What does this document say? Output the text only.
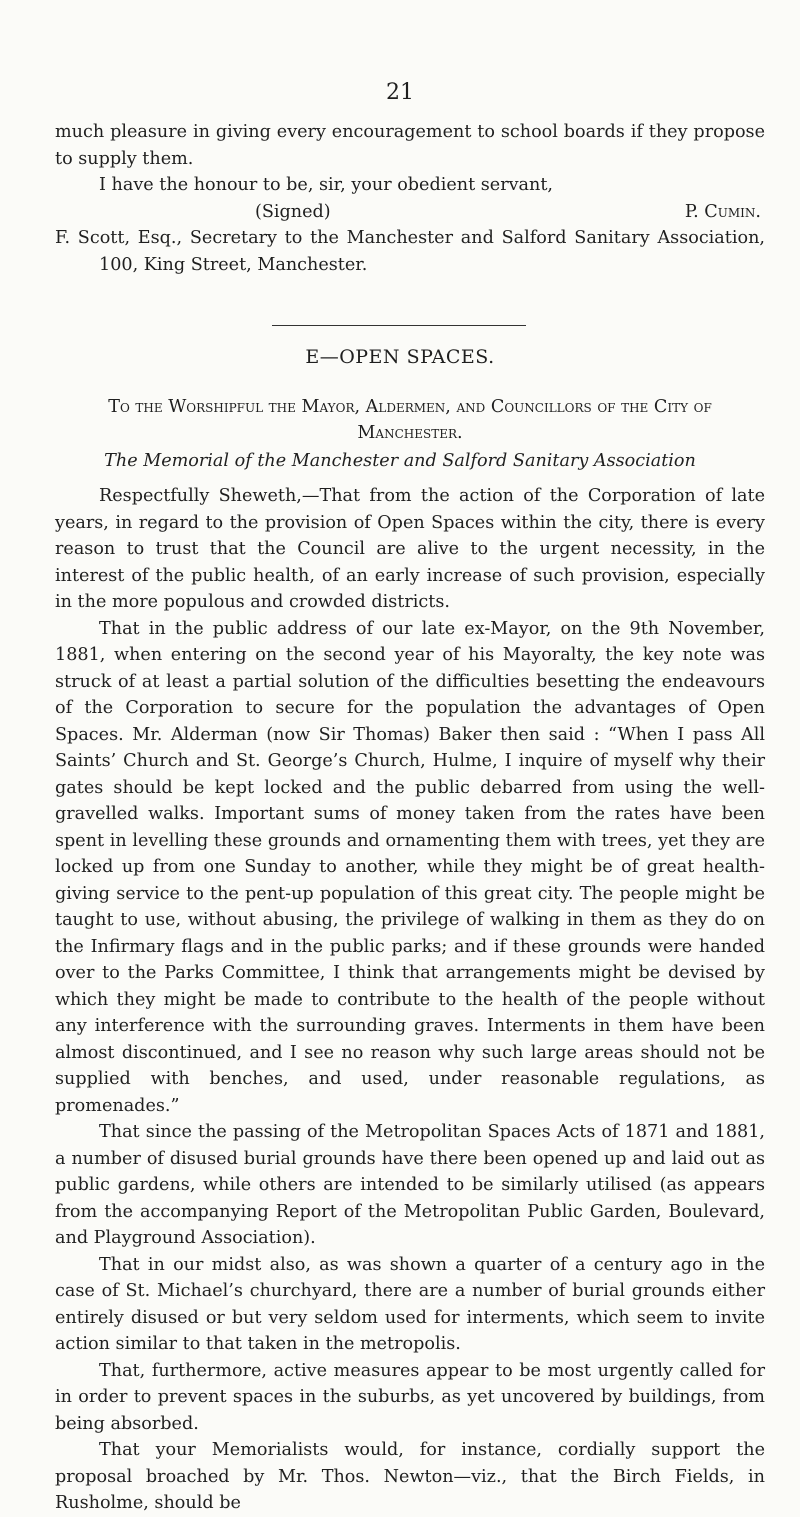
21

much pleasure in giving every encouragement to school boards if they propose to supply them.

I have the honour to be, sir, your obedient servant,

(Signed)	P. Cumin.

F. Scott, Esq., Secretary to the Manchester and Salford Sanitary Association, 100, King Street, Manchester.

E—OPEN SPACES.
To the Worshipful the Mayor, Aldermen, and Councillors of the City of Manchester.
The Memorial of the Manchester and Salford Sanitary Association

Respectfully Sheweth,—That from the action of the Corporation of late years, in regard to the provision of Open Spaces within the city, there is every reason to trust that the Council are alive to the urgent necessity, in the interest of the public health, of an early increase of such provision, especially in the more populous and crowded districts.

That in the public address of our late ex-Mayor, on the 9th November, 1881, when entering on the second year of his Mayoralty, the key note was struck of at least a partial solution of the difficulties besetting the endeavours of the Corporation to secure for the population the advantages of Open Spaces. Mr. Alderman (now Sir Thomas) Baker then said : “When I pass All Saints’ Church and St. George’s Church, Hulme, I inquire of myself why their gates should be kept locked and the public debarred from using the well-gravelled walks. Important sums of money taken from the rates have been spent in levelling these grounds and ornamenting them with trees, yet they are locked up from one Sunday to another, while they might be of great health-giving service to the pent-up population of this great city. The people might be taught to use, without abusing, the privilege of walking in them as they do on the Infirmary flags and in the public parks; and if these grounds were handed over to the Parks Committee, I think that arrangements might be devised by which they might be made to contribute to the health of the people without any interference with the surrounding graves. Interments in them have been almost discontinued, and I see no reason why such large areas should not be supplied with benches, and used, under reasonable regulations, as promenades.”

That since the passing of the Metropolitan Spaces Acts of 1871 and 1881, a number of disused burial grounds have there been opened up and laid out as public gardens, while others are intended to be similarly utilised (as appears from the accompanying Report of the Metropolitan Public Garden, Boulevard, and Playground Association).

That in our midst also, as was shown a quarter of a century ago in the case of St. Michael’s churchyard, there are a number of burial grounds either entirely disused or but very seldom used for interments, which seem to invite action similar to that taken in the metropolis.

That, furthermore, active measures appear to be most urgently called for in order to prevent spaces in the suburbs, as yet uncovered by buildings, from being absorbed.

That your Memorialists would, for instance, cordially support the proposal broached by Mr. Thos. Newton—viz., that the Birch Fields, in Rusholme, should be
